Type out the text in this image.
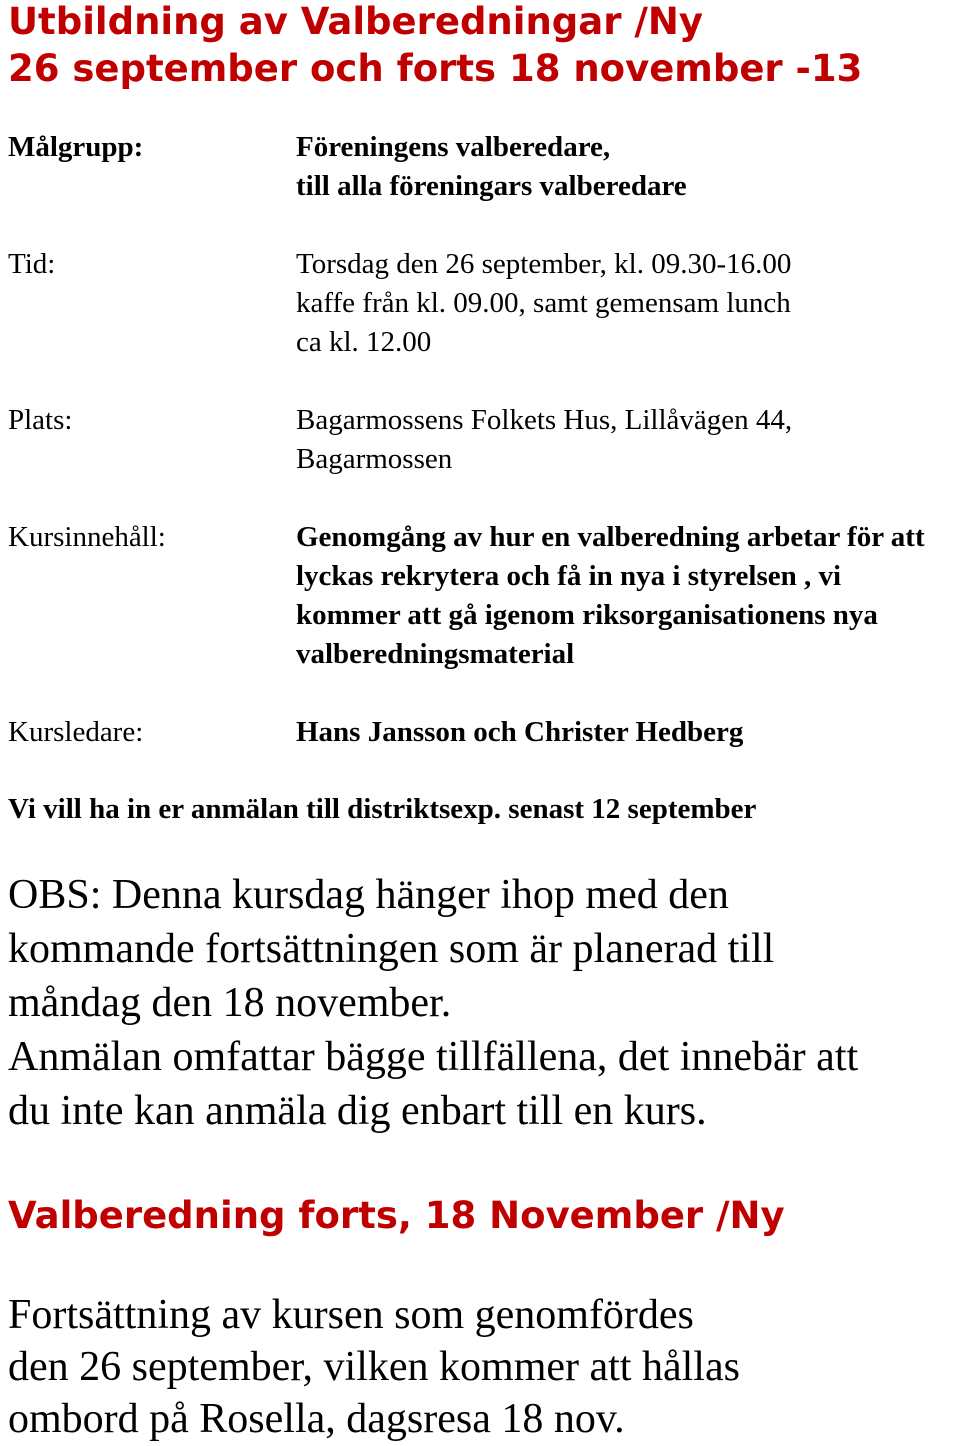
Utbildning av Valberedningar /Ny
26 september och forts 18 november -13
Målgrupp:	Föreningens valberedare,
till alla föreningars valberedare
Tid:	Torsdag den 26 september, kl. 09.30-16.00
kaffe från kl. 09.00, samt gemensam lunch
ca kl. 12.00
Plats:	Bagarmossens Folkets Hus, Lillåvägen 44,
Bagarmossen
Kursinnehåll:	Genomgång av hur en valberedning arbetar för att
lyckas rekrytera och få in nya i styrelsen , vi
kommer att gå igenom riksorganisationens nya
valberedningsmaterial
Kursledare:	Hans Jansson och Christer Hedberg
Vi vill ha in er anmälan till distriktsexp. senast 12 september
OBS: Denna kursdag hänger ihop med den
kommande fortsättningen som är planerad till
måndag den 18 november.
Anmälan omfattar bägge tillfällena, det innebär att
du inte kan anmäla dig enbart till en kurs.
Valberedning forts, 18 November /Ny
Fortsättning av kursen som genomfördes
den 26 september, vilken kommer att hållas
ombord på Rosella, dagsresa 18 nov.
